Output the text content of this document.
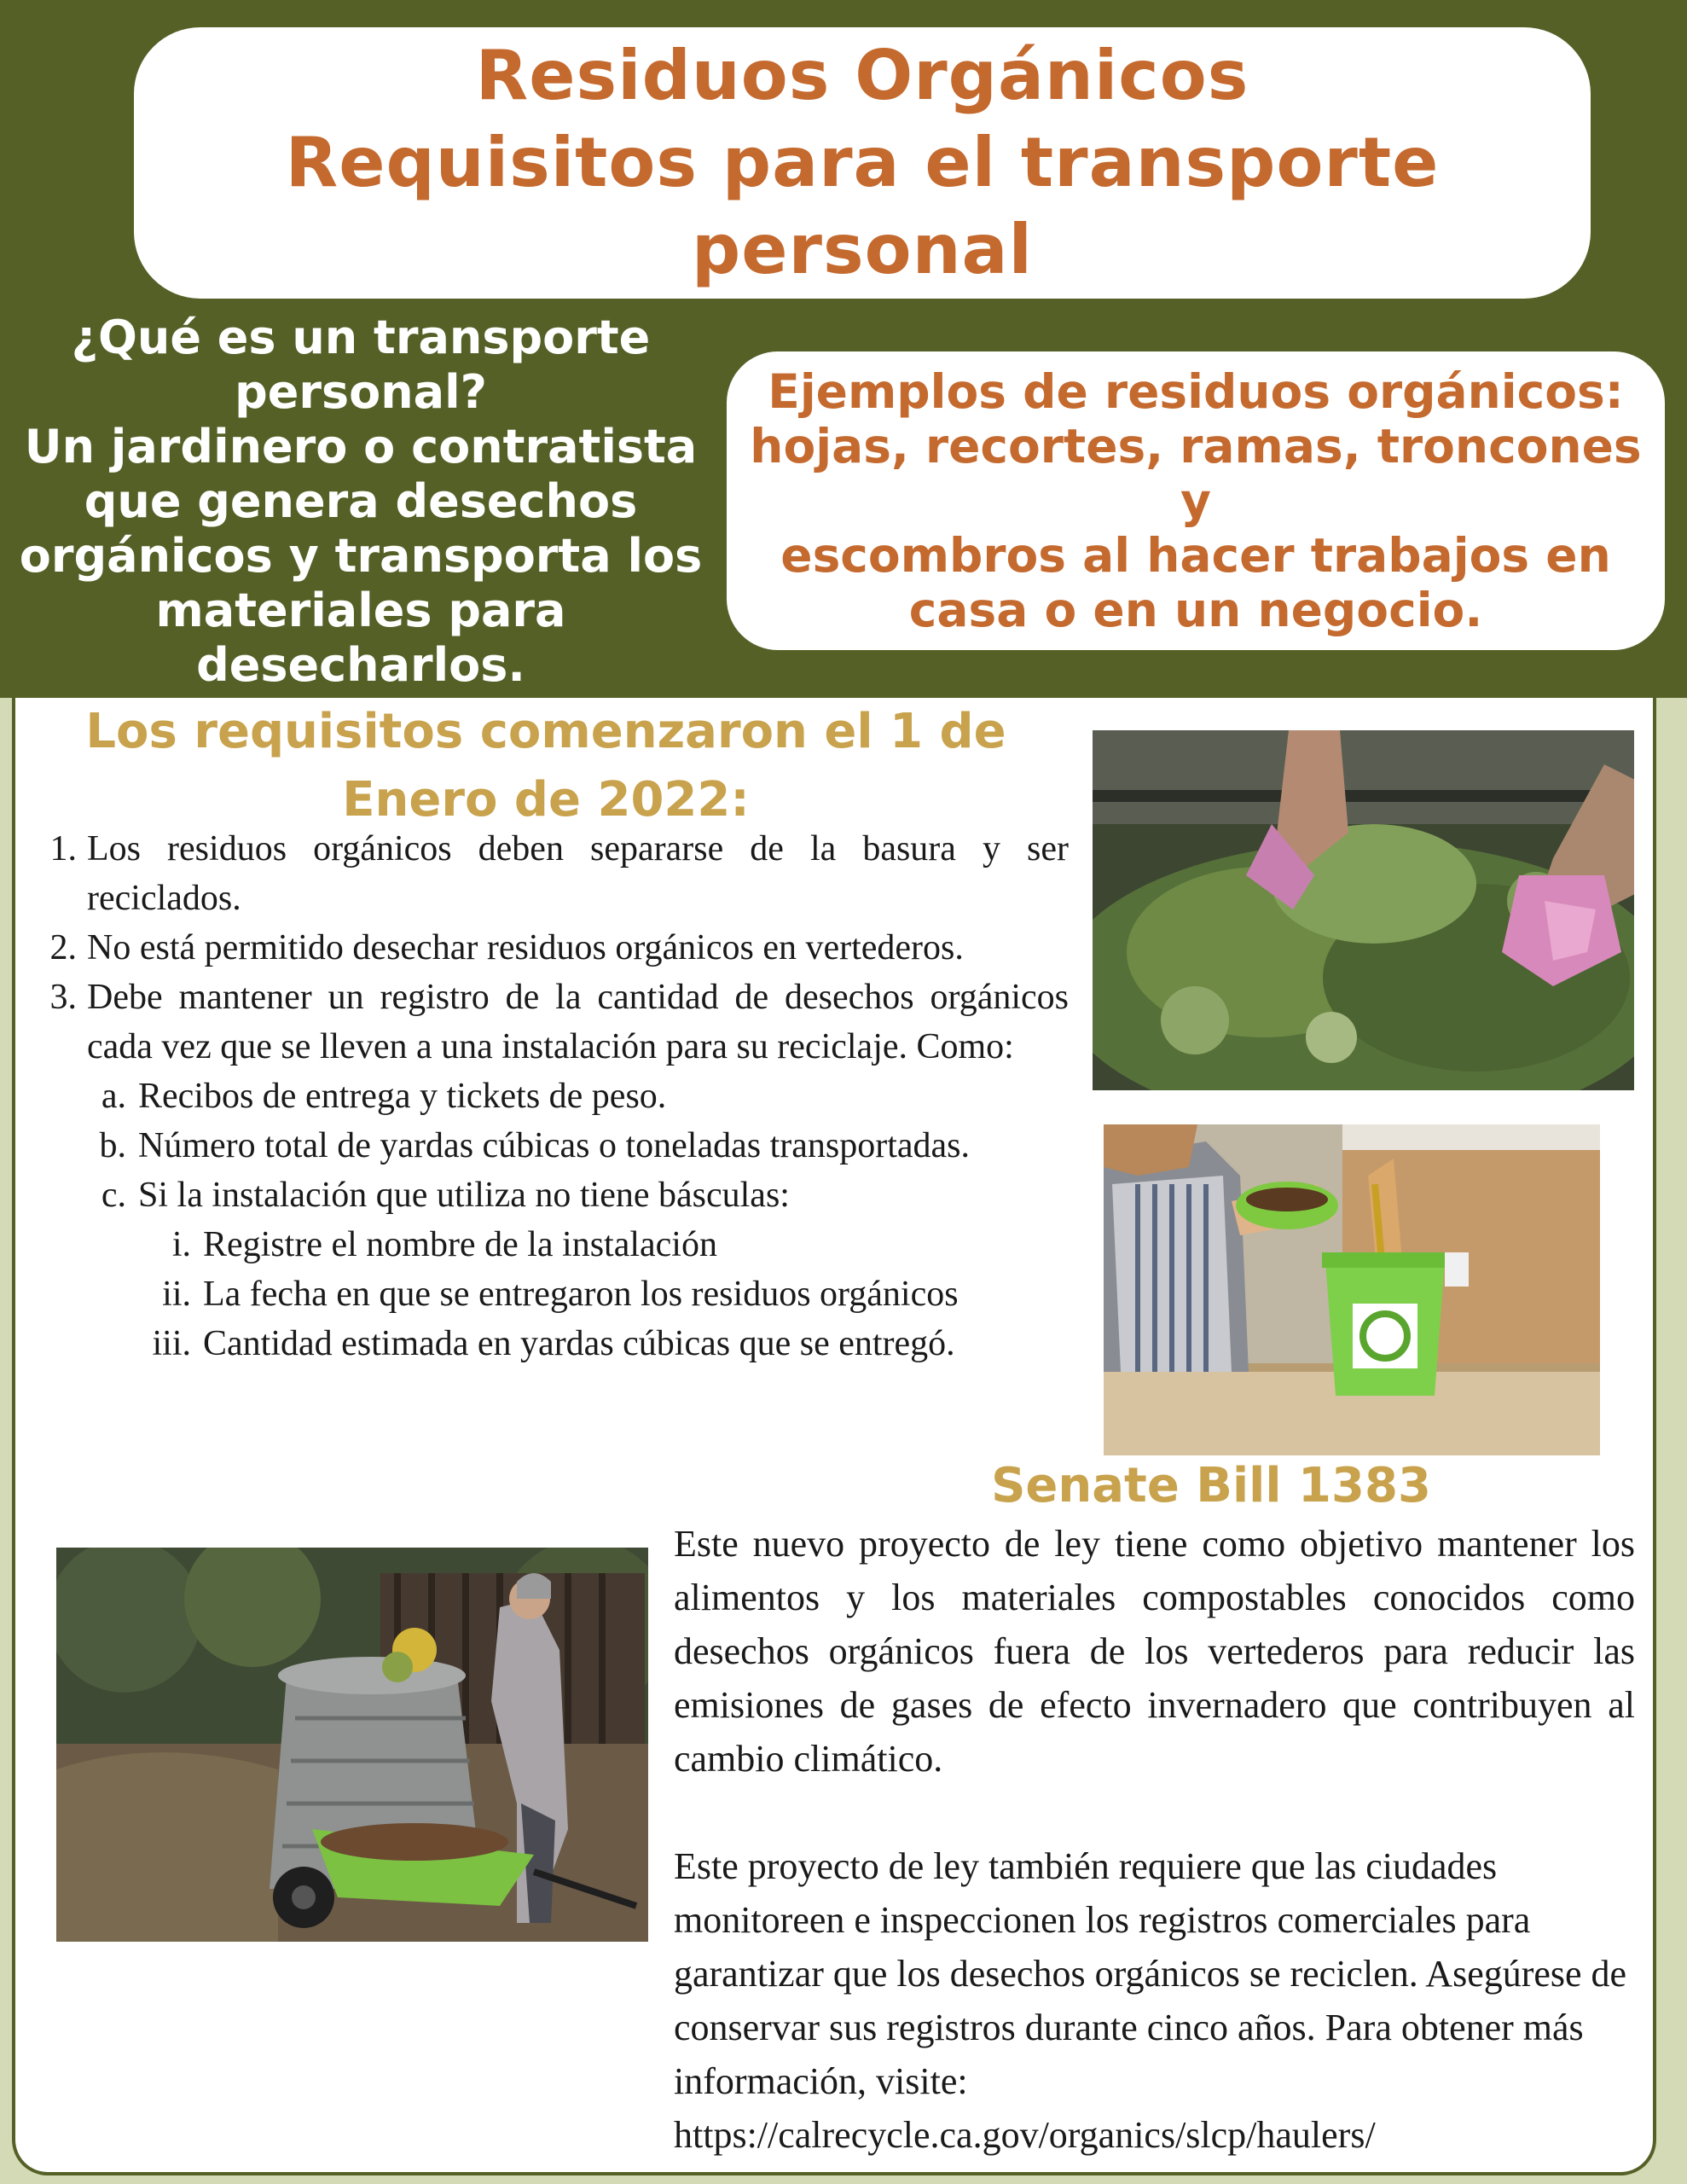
Residuos Orgánicos
Requisitos para el transporte
personal
¿Qué es un transporte
personal?
Un jardinero o contratista
que genera desechos
orgánicos y transporta los
materiales para
desecharlos.
Ejemplos de residuos orgánicos:
hojas, recortes, ramas, troncones y
escombros al hacer trabajos en
casa o en un negocio.
Los requisitos comenzaron el 1 de
Enero de 2022:
1. Los residuos orgánicos deben separarse de la basura y ser reciclados.
2. No está permitido desechar residuos orgánicos en vertederos.
3. Debe mantener un registro de la cantidad de desechos orgánicos cada vez que se lleven a una instalación para su reciclaje. Como:
a. Recibos de entrega y tickets de peso.
b. Número total de yardas cúbicas o toneladas transportadas.
c. Si la instalación que utiliza no tiene básculas:
i. Registre el nombre de la instalación
ii. La fecha en que se entregaron los residuos orgánicos
iii. Cantidad estimada en yardas cúbicas que se entregó.
Senate Bill 1383

Este nuevo proyecto de ley tiene como objetivo mantener los alimentos y los materiales compostables conocidos como desechos orgánicos fuera de los vertederos para reducir las emisiones de gases de efecto invernadero que contribuyen al cambio climático.

Este proyecto de ley también requiere que las ciudades monitoreen e inspeccionen los registros comerciales para garantizar que los desechos orgánicos se reciclen. Asegúrese de conservar sus registros durante cinco años. Para obtener más información, visite:
https://calrecycle.ca.gov/organics/slcp/haulers/
